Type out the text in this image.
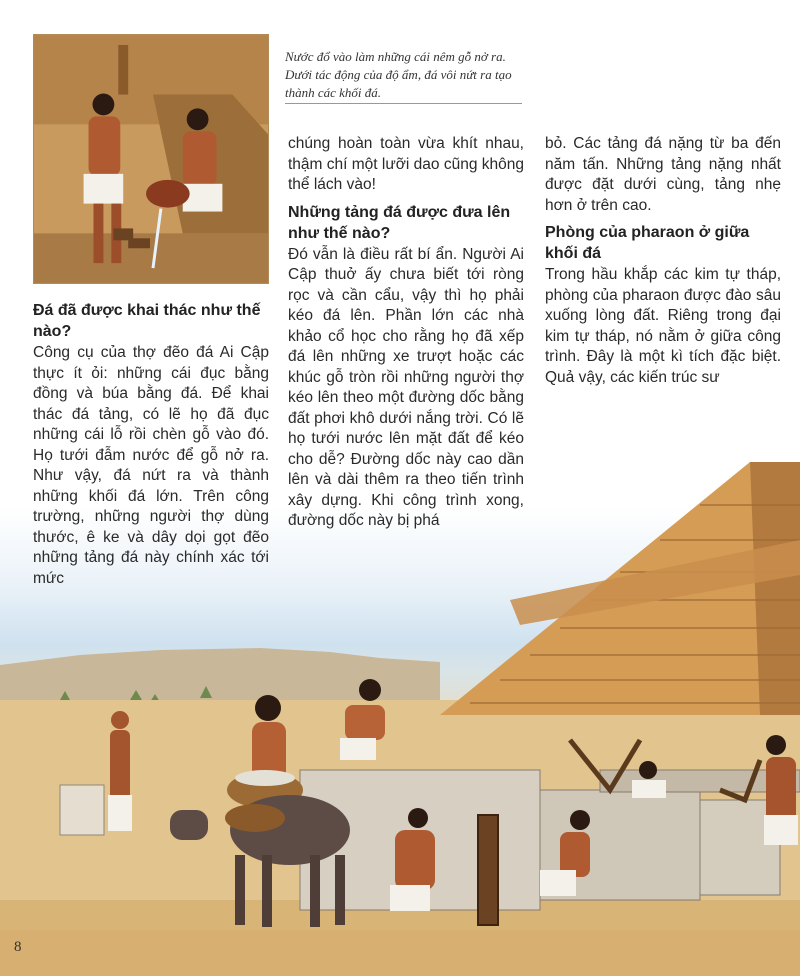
Nước đổ vào làm những cái nêm gỗ nở ra. Dưới tác động của độ ẩm, đá vôi nứt ra tạo thành các khối đá.
Đá đã được khai thác như thế nào?

Công cụ của thợ đẽo đá Ai Cập thực ít ỏi: những cái đục bằng đồng và búa bằng đá. Để khai thác đá tảng, có lẽ họ đã đục những cái lỗ rồi chèn gỗ vào đó. Họ tưới đẫm nước để gỗ nở ra. Như vậy, đá nứt ra và thành những khối đá lớn. Trên công trường, những người thợ dùng thước, ê ke và dây dọi gọt đẽo những tảng đá này chính xác tới mức

chúng hoàn toàn vừa khít nhau, thậm chí một lưỡi dao cũng không thể lách vào!

Những tảng đá được đưa lên như thế nào?

Đó vẫn là điều rất bí ẩn. Người Ai Cập thuở ấy chưa biết tới ròng rọc và cần cẩu, vậy thì họ phải kéo đá lên. Phần lớn các nhà khảo cổ học cho rằng họ đã xếp đá lên những xe trượt hoặc các khúc gỗ tròn rồi những người thợ kéo lên theo một đường dốc bằng đất phơi khô dưới nắng trời. Có lẽ họ tưới nước lên mặt đất để kéo cho dễ? Đường dốc này cao dần lên và dài thêm ra theo tiến trình xây dựng. Khi công trình xong, đường dốc này bị phá

bỏ. Các tảng đá nặng từ ba đến năm tấn. Những tảng nặng nhất được đặt dưới cùng, tảng nhẹ hơn ở trên cao.

Phòng của pharaon ở giữa khối đá

Trong hầu khắp các kim tự tháp, phòng của pharaon được đào sâu xuống lòng đất. Riêng trong đại kim tự tháp, nó nằm ở giữa công trình. Đây là một kì tích đặc biệt. Quả vậy, các kiến trúc sư

8
